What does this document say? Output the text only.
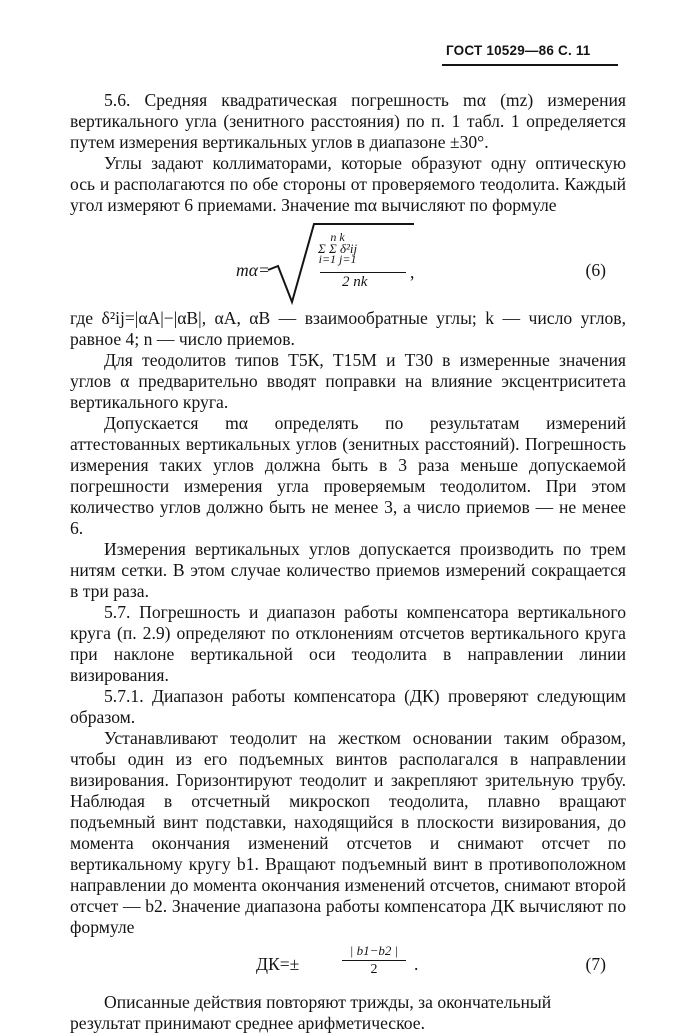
ГОСТ 10529—86 С. 11

5.6. Средняя квадратическая погрешность mα (mz) измерения вертикального угла (зенитного расстояния) по п. 1 табл. 1 определяется путем измерения вертикальных углов в диапазоне ±30°.

Углы задают коллиматорами, которые образуют одну оптическую ось и располагаются по обе стороны от проверяемого теодолита. Каждый угол измеряют 6 приемами. Значение mα вычисляют по формуле

mα=
n k
Σ Σ δ²ij
i=1 j=1
2 nk ,	(6)

где δ²ij=|αA|−|αB|, αA, αB — взаимообратные углы; k — число углов, равное 4; n — число приемов.

Для теодолитов типов Т5К, Т15М и Т30 в измеренные значения углов α предварительно вводят поправки на влияние эксцентриситета вертикального круга.

Допускается mα определять по результатам измерений аттестованных вертикальных углов (зенитных расстояний). Погрешность измерения таких углов должна быть в 3 раза меньше допускаемой погрешности измерения угла проверяемым теодолитом. При этом количество углов должно быть не менее 3, а число приемов — не менее 6.

Измерения вертикальных углов допускается производить по трем нитям сетки. В этом случае количество приемов измерений сокращается в три раза.

5.7. Погрешность и диапазон работы компенсатора вертикального круга (п. 2.9) определяют по отклонениям отсчетов вертикального круга при наклоне вертикальной оси теодолита в направлении линии визирования.

5.7.1. Диапазон работы компенсатора (ДК) проверяют следующим образом.

Устанавливают теодолит на жестком основании таким образом, чтобы один из его подъемных винтов располагался в направлении визирования. Горизонтируют теодолит и закрепляют зрительную трубу. Наблюдая в отсчетный микроскоп теодолита, плавно вращают подъемный винт подставки, находящийся в плоскости визирования, до момента окончания изменений отсчетов и снимают отсчет по вертикальному кругу b1. Вращают подъемный винт в противоположном направлении до момента окончания изменений отсчетов, снимают второй отсчет — b2. Значение диапазона работы компенсатора ДК вычисляют по формуле

ДК=±
| b1−b2 |
2	.	(7)

Описанные действия повторяют трижды, за окончательный результат принимают среднее арифметическое.
